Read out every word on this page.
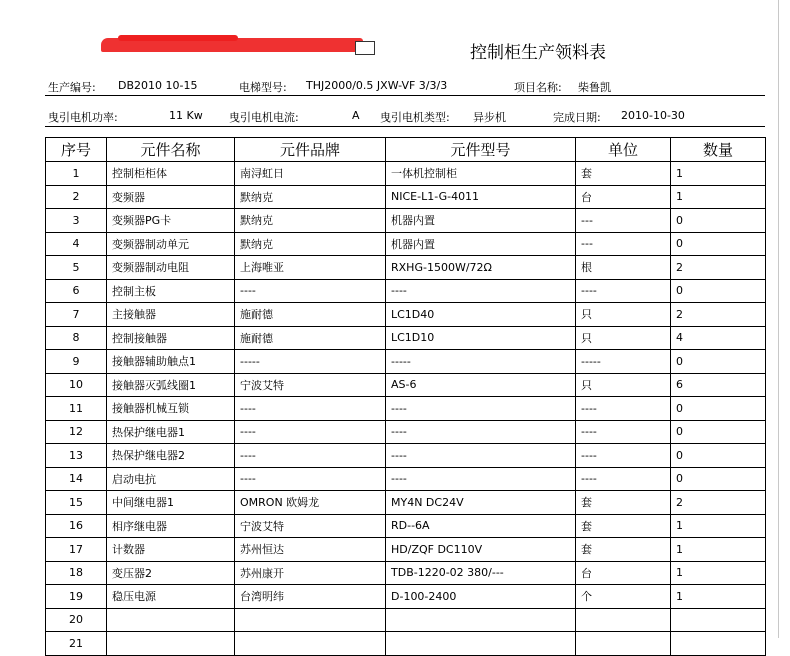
控制柜生产领料表
生产编号: DB2010 10-15	电梯型号: THJ2000/0.5 JXW-VF 3/3/3	项目名称: 柴鲁凯
曳引电机功率:	11 Kw 曳引电机电流:	A 曳引电机类型: 异步机	完成日期: 2010-10-30
序号	元件名称	元件品牌	元件型号	单位	数量
1	控制柜柜体	南浔虹日	一体机控制柜	套	1
2	变频器	默纳克	NICE-L1-G-4011	台	1
3	变频器PG卡	默纳克	机器内置	---	0
4	变频器制动单元	默纳克	机器内置	---	0
5	变频器制动电阻	上海唯亚	RXHG-1500W/72Ω	根	2
6	控制主板	----	----	----	0
7	主接触器	施耐德	LC1D40	只	2
8	控制接触器	施耐德	LC1D10	只	4
9	接触器辅助触点1	-----	-----	-----	0
10	接触器灭弧线圈1	宁波艾特	AS-6	只	6
11	接触器机械互锁	----	----	----	0
12	热保护继电器1	----	----	----	0
13	热保护继电器2	----	----	----	0
14	启动电抗	----	----	----	0
15	中间继电器1	OMRON 欧姆龙	MY4N DC24V	套	2
16	相序继电器	宁波艾特	RD--6A	套	1
17	计数器	苏州恒达	HD/ZQF DC110V	套	1
18	变压器2	苏州康开	TDB-1220-02 380/---	台	1
19	稳压电源	台湾明纬	D-100-2400	个	1
20					
21					
